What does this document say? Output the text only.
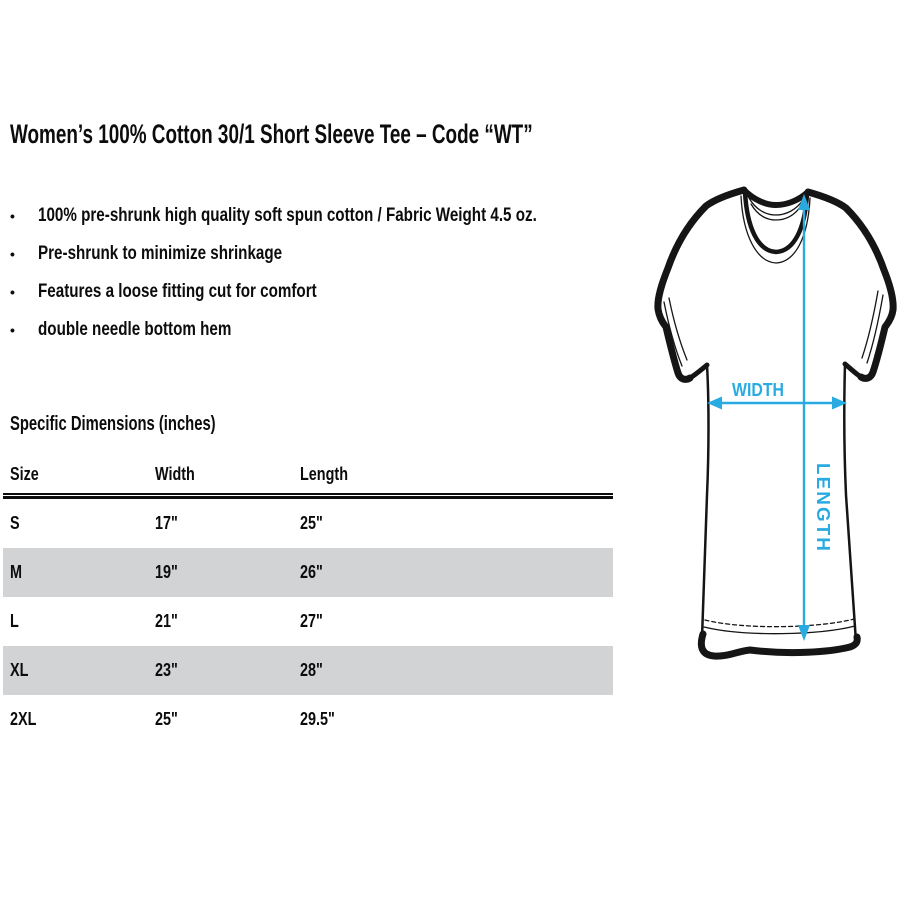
Women’s 100% Cotton 30/1 Short Sleeve Tee – Code “WT”
•	100% pre-shrunk high quality soft spun cotton / Fabric Weight 4.5 oz.
•	Pre-shrunk to minimize shrinkage
•	Features a loose fitting cut for comfort
•	double needle bottom hem
Specific Dimensions (inches)
Size	Width	Length
S	17"	25"
M	19"	26"
L	21"	27"
XL	23"	28"
2XL	25"	29.5"
WIDTH
LENGTH
